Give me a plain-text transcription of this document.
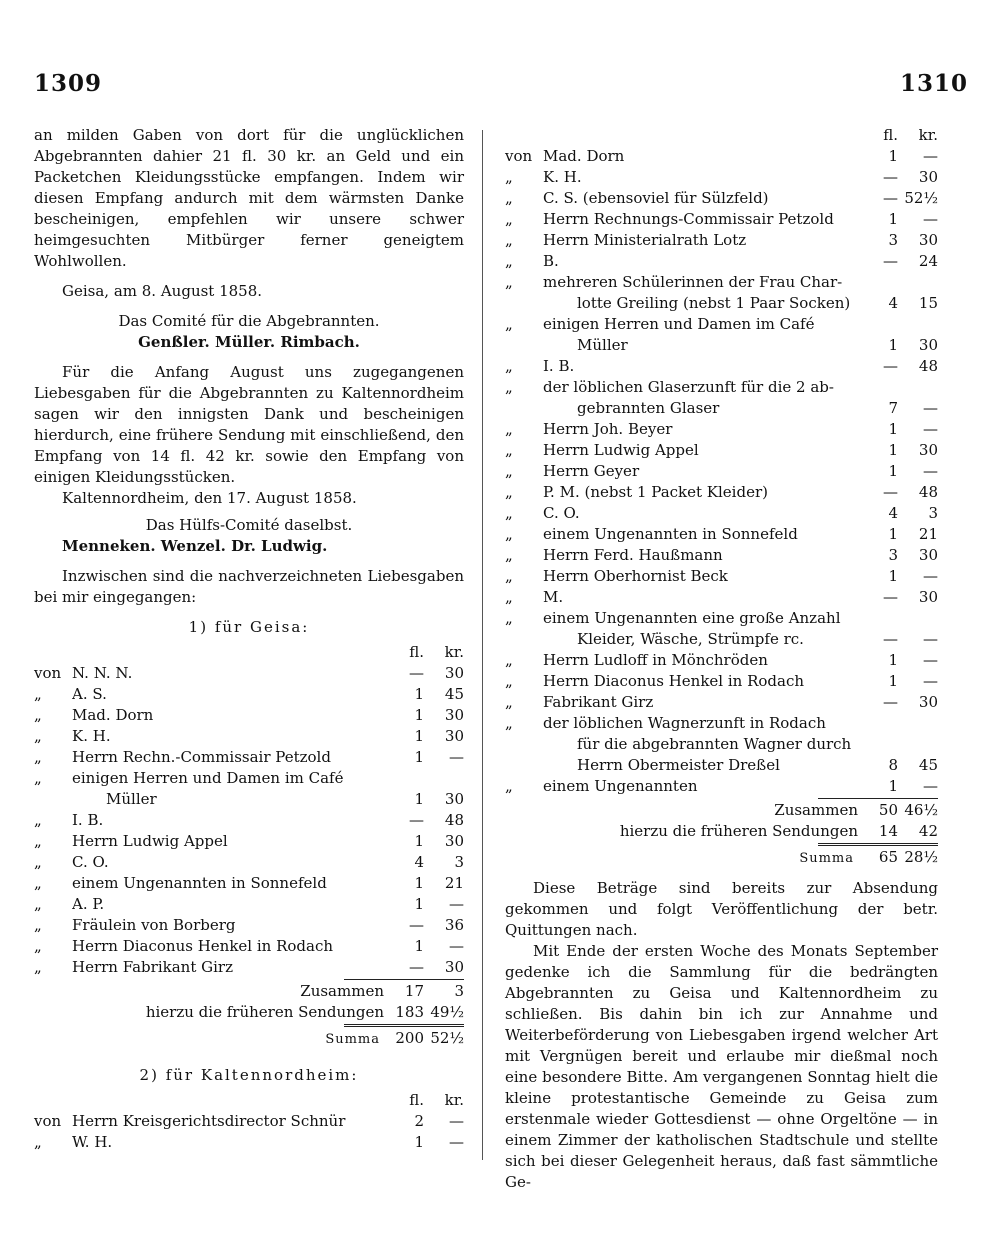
1309	1310

an milden Gaben von dort für die unglücklichen Abgebrannten dahier 21 fl. 30 kr. an Geld und ein Packetchen Kleidungsstücke empfangen. Indem wir diesen Empfang andurch mit dem wärmsten Danke bescheinigen, empfehlen wir unsere schwer heimgesuchten Mitbürger ferner geneigtem Wohlwollen.

Geisa, am 8. August 1858.

Das Comité für die Abgebrannten.

Genßler. Müller. Rimbach.

Für die Anfang August uns zugegangenen Liebesgaben für die Abgebrannten zu Kaltennordheim sagen wir den innigsten Dank und bescheinigen hierdurch, eine frühere Sendung mit einschließend, den Empfang von 14 fl. 42 kr. sowie den Empfang von einigen Kleidungsstücken.

Kaltennordheim, den 17. August 1858.

Das Hülfs-Comité daselbst.

Menneken. Wenzel. Dr. Ludwig.

Inzwischen sind die nachverzeichneten Liebesgaben bei mir eingegangen:

1) für Geisa:
fl.	kr.
von N. N. N.	—	30
„	A. S.	1	45
„	Mad. Dorn	1	30
„	K. H.	1	30
„	Herrn Rechn.-Commissair Petzold	1	—
„	einigen Herren und Damen im Café
Müller	1	30
„	I. B.	—	48
„	Herrn Ludwig Appel	1	30
„	C. O.	4	3
„	einem Ungenannten in Sonnefeld	1	21
„	A. P.	1	—
„	Fräulein von Borberg	—	36
„	Herrn Diaconus Henkel in Rodach	1	—
„	Herrn Fabrikant Girz	—	30
Zusammen	17	3
hierzu die früheren Sendungen 183 49½
Summa	200 52½
2) für Kaltennordheim:
fl.	kr.
von Herrn Kreisgerichtsdirector Schnür	2	—
„	W. H.	1	—
fl.	kr.
von Mad. Dorn	1	—
„	K. H.	—	30
„	C. S. (ebensoviel für Sülzfeld)	— 52½
„	Herrn Rechnungs-Commissair Petzold	1	—
„	Herrn Ministerialrath Lotz	3	30
„	B.	—	24
„	mehreren Schülerinnen der Frau Char-
lotte Greiling (nebst 1 Paar Socken)	4	15
„	einigen Herren und Damen im Café
Müller	1	30
„	I. B.	—	48
„	der löblichen Glaserzunft für die 2 ab-
gebrannten Glaser	7	—
„	Herrn Joh. Beyer	1	—
„	Herrn Ludwig Appel	1	30
„	Herrn Geyer	1	—
„	P. M. (nebst 1 Packet Kleider)	—	48
„	C. O.	4	3
„	einem Ungenannten in Sonnefeld	1	21
„	Herrn Ferd. Haußmann	3	30
„	Herrn Oberhornist Beck	1	—
„	M.	—	30
„	einem Ungenannten eine große Anzahl
Kleider, Wäsche, Strümpfe rc.	—	—
„	Herrn Ludloff in Mönchröden	1	—
„	Herrn Diaconus Henkel in Rodach	1	—
„	Fabrikant Girz	—	30
„	der löblichen Wagnerzunft in Rodach
für die abgebrannten Wagner durch
Herrn Obermeister Dreßel	8	45
„	einem Ungenannten	1	—
Zusammen	50 46½
hierzu die früheren Sendungen	14	42
Summa	65 28½

Diese Beträge sind bereits zur Absendung gekommen und folgt Veröffentlichung der betr. Quittungen nach.

Mit Ende der ersten Woche des Monats September gedenke ich die Sammlung für die bedrängten Abgebrannten zu Geisa und Kaltennordheim zu schließen. Bis dahin bin ich zur Annahme und Weiterbeförderung von Liebesgaben irgend welcher Art mit Vergnügen bereit und erlaube mir dießmal noch eine besondere Bitte. Am vergangenen Sonntag hielt die kleine protestantische Gemeinde zu Geisa zum erstenmale wieder Gottesdienst — ohne Orgeltöne — in einem Zimmer der katholischen Stadtschule und stellte sich bei dieser Gelegenheit heraus, daß fast sämmtliche Ge-
